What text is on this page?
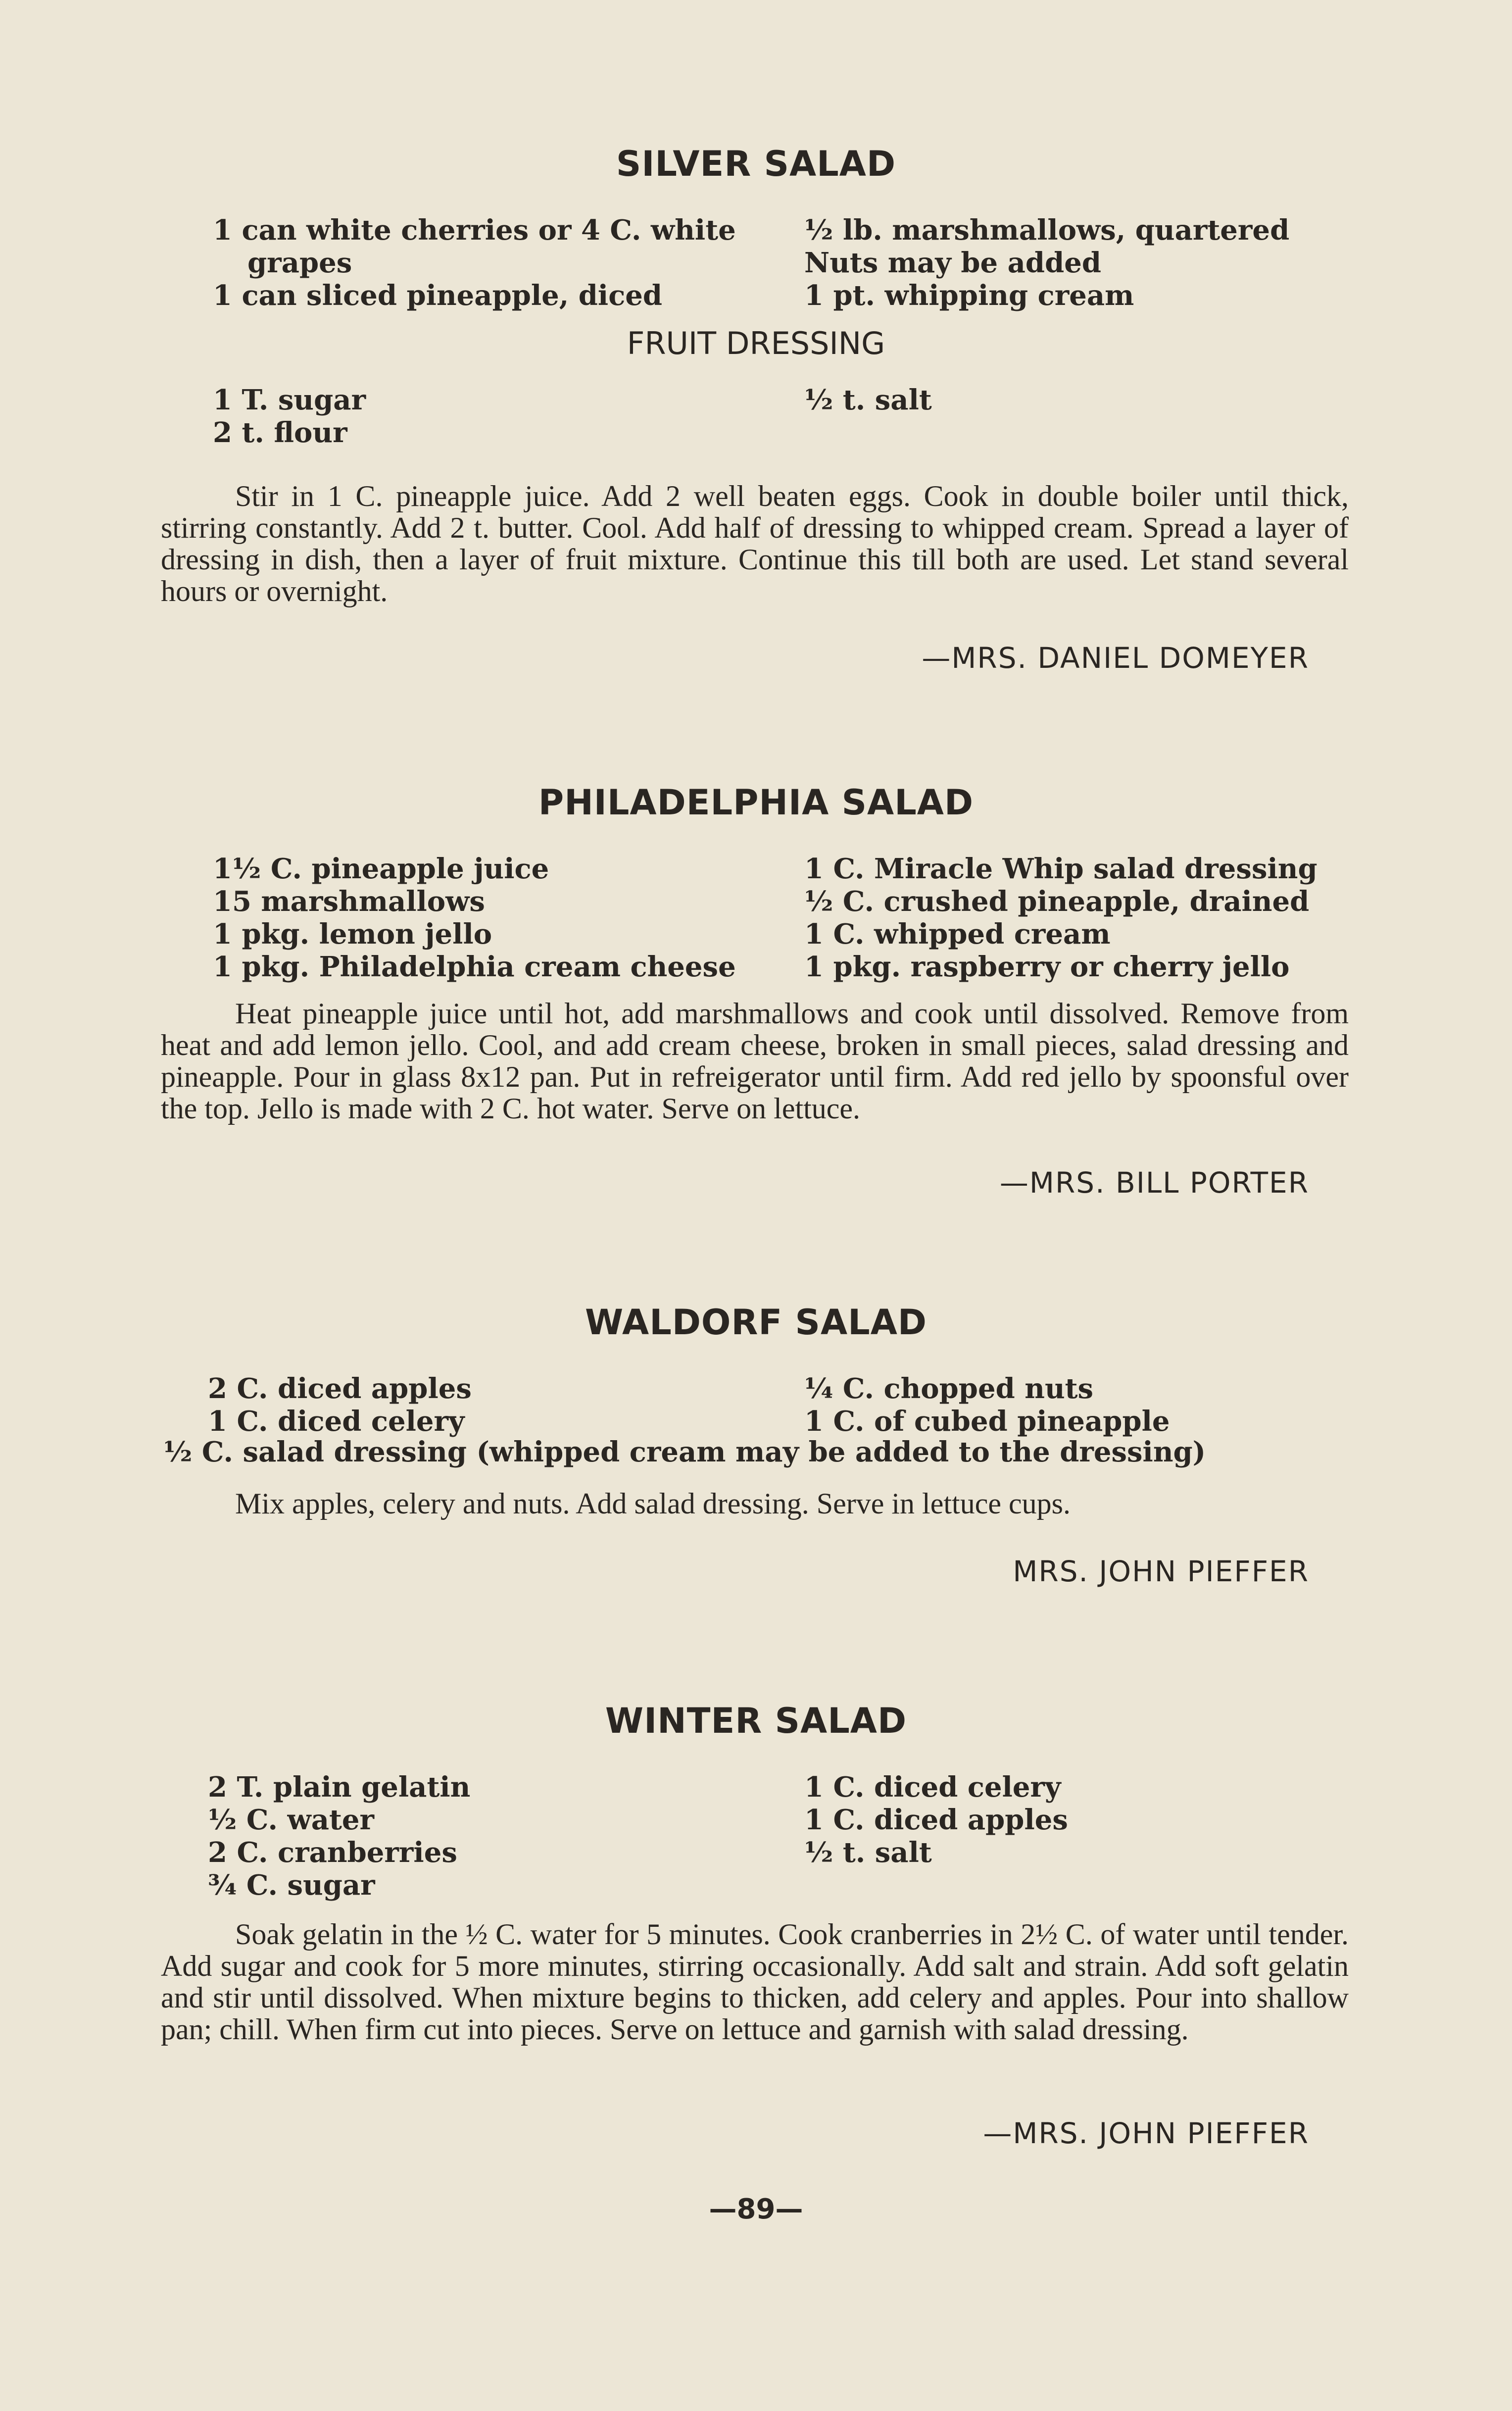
SILVER SALAD
1 can white cherries or 4 C. white
grapes
1 can sliced pineapple, diced
½ lb. marshmallows, quartered
Nuts may be added
1 pt. whipping cream
FRUIT DRESSING
1 T. sugar
2 t. flour
½ t. salt

Stir in 1 C. pineapple juice. Add 2 well beaten eggs. Cook in double boiler until thick, stirring constantly. Add 2 t. butter. Cool. Add half of dressing to whipped cream. Spread a layer of dressing in dish, then a layer of fruit mixture. Continue this till both are used. Let stand several hours or overnight.

—MRS. DANIEL DOMEYER
PHILADELPHIA SALAD
1½ C. pineapple juice
15 marshmallows
1 pkg. lemon jello
1 pkg. Philadelphia cream cheese
1 C. Miracle Whip salad dressing
½ C. crushed pineapple, drained
1 C. whipped cream
1 pkg. raspberry or cherry jello

Heat pineapple juice until hot, add marshmallows and cook until dissolved. Remove from heat and add lemon jello. Cool, and add cream cheese, broken in small pieces, salad dressing and pineapple. Pour in glass 8x12 pan. Put in refreigerator until firm. Add red jello by spoonsful over the top. Jello is made with 2 C. hot water. Serve on lettuce.

—MRS. BILL PORTER
WALDORF SALAD
2 C. diced apples
1 C. diced celery
¼ C. chopped nuts
1 C. of cubed pineapple
½ C. salad dressing (whipped cream may be added to the dressing)

Mix apples, celery and nuts. Add salad dressing. Serve in lettuce cups.

MRS. JOHN PIEFFER
WINTER SALAD
2 T. plain gelatin
½ C. water
2 C. cranberries
¾ C. sugar
1 C. diced celery
1 C. diced apples
½ t. salt

Soak gelatin in the ½ C. water for 5 minutes. Cook cranberries in 2½ C. of water until tender. Add sugar and cook for 5 more minutes, stirring occasionally. Add salt and strain. Add soft gelatin and stir until dissolved. When mixture begins to thicken, add celery and apples. Pour into shallow pan; chill. When firm cut into pieces. Serve on lettuce and garnish with salad dressing.

—MRS. JOHN PIEFFER
—89—
